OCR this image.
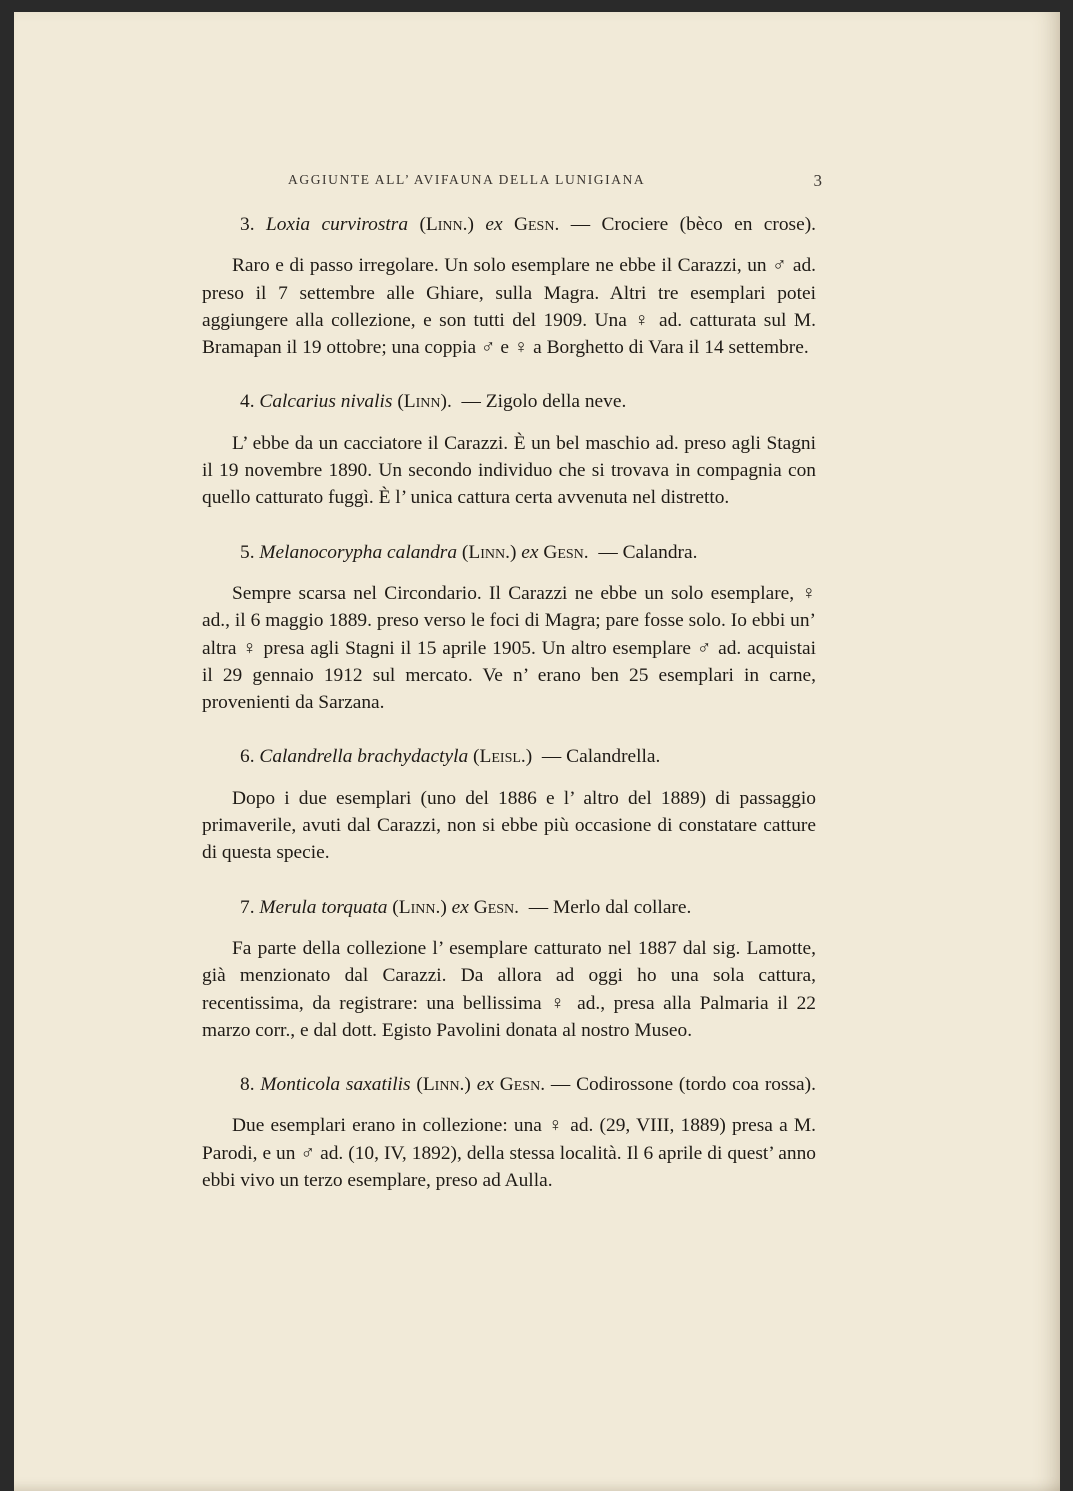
AGGIUNTE ALL’ AVIFAUNA DELLA LUNIGIANA	3

3. Loxia curvirostra (Linn.) ex Gesn. — Crociere (bèco en crose).

Raro e di passo irregolare. Un solo esemplare ne ebbe il Carazzi, un ♂ ad. preso il 7 settembre alle Ghiare, sulla Magra. Altri tre esemplari potei aggiungere alla collezione, e son tutti del 1909. Una ♀ ad. catturata sul M. Bramapan il 19 ottobre; una coppia ♂ e ♀ a Borghetto di Vara il 14 settembre.

4. Calcarius nivalis (Linn). — Zigolo della neve.

L’ ebbe da un cacciatore il Carazzi. È un bel maschio ad. preso agli Stagni il 19 novembre 1890. Un secondo individuo che si trovava in compagnia con quello catturato fuggì. È l’ unica cattura certa avvenuta nel distretto.

5. Melanocorypha calandra (Linn.) ex Gesn. — Calandra.

Sempre scarsa nel Circondario. Il Carazzi ne ebbe un solo esemplare, ♀ ad., il 6 maggio 1889. preso verso le foci di Magra; pare fosse solo. Io ebbi un’ altra ♀ presa agli Stagni il 15 aprile 1905. Un altro esemplare ♂ ad. acquistai il 29 gennaio 1912 sul mercato. Ve n’ erano ben 25 esemplari in carne, provenienti da Sarzana.

6. Calandrella brachydactyla (Leisl.) — Calandrella.

Dopo i due esemplari (uno del 1886 e l’ altro del 1889) di passaggio primaverile, avuti dal Carazzi, non si ebbe più occasione di constatare catture di questa specie.

7. Merula torquata (Linn.) ex Gesn. — Merlo dal collare.

Fa parte della collezione l’ esemplare catturato nel 1887 dal sig. Lamotte, già menzionato dal Carazzi. Da allora ad oggi ho una sola cattura, recentissima, da registrare: una bellissima ♀ ad., presa alla Palmaria il 22 marzo corr., e dal dott. Egisto Pavolini donata al nostro Museo.

8. Monticola saxatilis (Linn.) ex Gesn. — Codirossone (tordo coa rossa).

Due esemplari erano in collezione: una ♀ ad. (29, VIII, 1889) presa a M. Parodi, e un ♂ ad. (10, IV, 1892), della stessa località. Il 6 aprile di quest’ anno ebbi vivo un terzo esemplare, preso ad Aulla.
